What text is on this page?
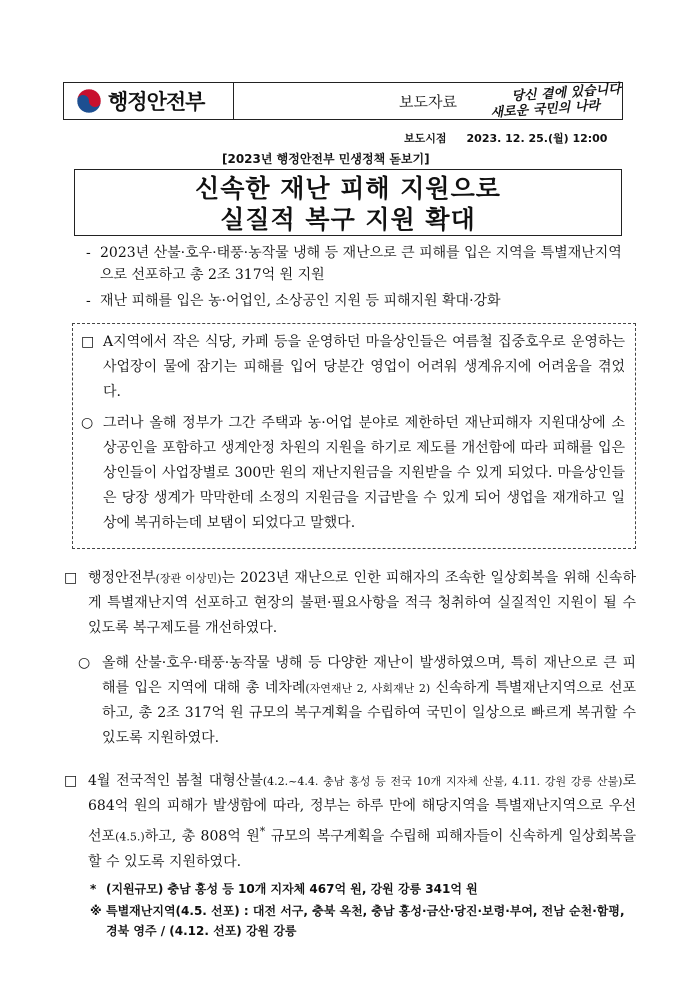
행정안전부	보도자료	당신 곁에 있습니다
새로운 국민의 나라
보도시점 2023. 12. 25.(월) 12:00
[2023년 행정안전부 민생정책 돋보기]
신속한 재난 피해 지원으로
실질적 복구 지원 확대
- 2023년 산불·호우·태풍·농작물 냉해 등 재난으로 큰 피해를 입은 지역을 특별재난지역으로 선포하고 총 2조 317억 원 지원
- 재난 피해를 입은 농·어업인, 소상공인 지원 등 피해지원 확대·강화
□ A지역에서 작은 식당, 카페 등을 운영하던 마을상인들은 여름철 집중호우로 운영하는 사업장이 물에 잠기는 피해를 입어 당분간 영업이 어려워 생계유지에 어려움을 겪었다.
○ 그러나 올해 정부가 그간 주택과 농·어업 분야로 제한하던 재난피해자 지원대상에 소상공인을 포함하고 생계안정 차원의 지원을 하기로 제도를 개선함에 따라 피해를 입은 상인들이 사업장별로 300만 원의 재난지원금을 지원받을 수 있게 되었다. 마을상인들은 당장 생계가 막막한데 소정의 지원금을 지급받을 수 있게 되어 생업을 재개하고 일상에 복귀하는데 보탬이 되었다고 말했다.
□ 행정안전부(장관 이상민)는 2023년 재난으로 인한 피해자의 조속한 일상회복을 위해 신속하게 특별재난지역 선포하고 현장의 불편·필요사항을 적극 청취하여 실질적인 지원이 될 수 있도록 복구제도를 개선하였다.
○ 올해 산불·호우·태풍·농작물 냉해 등 다양한 재난이 발생하였으며, 특히 재난으로 큰 피해를 입은 지역에 대해 총 네차례(자연재난 2, 사회재난 2) 신속하게 특별재난지역으로 선포하고, 총 2조 317억 원 규모의 복구계획을 수립하여 국민이 일상으로 빠르게 복귀할 수 있도록 지원하였다.
□ 4월 전국적인 봄철 대형산불(4.2.~4.4. 충남 홍성 등 전국 10개 지자체 산불, 4.11. 강원 강릉 산불)로 684억 원의 피해가 발생함에 따라, 정부는 하루 만에 해당지역을 특별재난지역으로 우선 선포(4.5.)하고, 총 808억 원* 규모의 복구계획을 수립해 피해자들이 신속하게 일상회복을 할 수 있도록 지원하였다.
* (지원규모) 충남 홍성 등 10개 지자체 467억 원, 강원 강릉 341억 원
※ 특별재난지역(4.5. 선포) : 대전 서구, 충북 옥천, 충남 홍성·금산·당진·보령·부여, 전남 순천·함평, 경북 영주 / (4.12. 선포) 강원 강릉
